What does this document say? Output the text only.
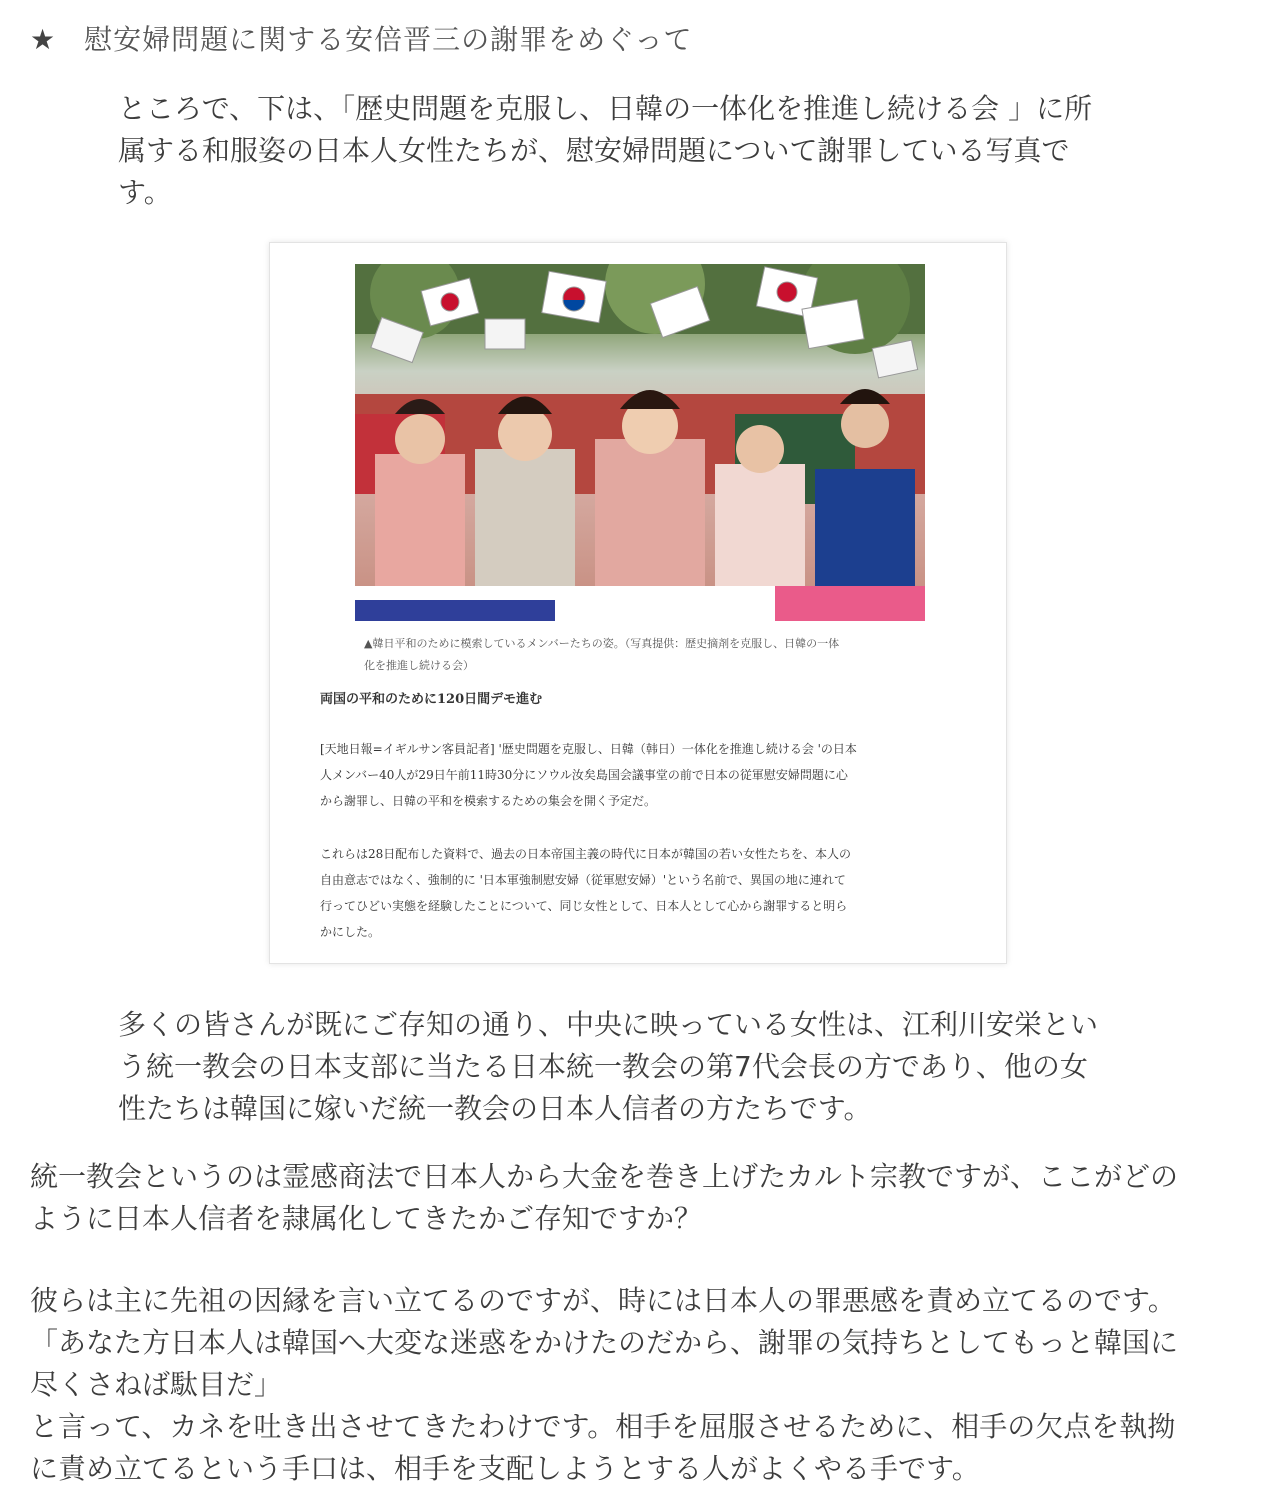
★ 慰安婦問題に関する安倍晋三の謝罪をめぐって
ところで、下は、「歴史問題を克服し、日韓の一体化を推進し続ける会 」に所
属する和服姿の日本人女性たちが、慰安婦問題について謝罪している写真で
す。
▲韓日平和のために模索しているメンバーたちの姿。（写真提供：歴史摘剤を克服し、日韓の一体
化を推進し続ける会）
両国の平和のために120日間デモ進む
[天地日報=イギルサン客員記者] '歴史問題を克服し、日韓（韩日）一体化を推進し続ける会 'の日本
人メンバー40人が29日午前11時30分にソウル汝矣島国会議事堂の前で日本の従軍慰安婦問題に心
から謝罪し、日韓の平和を模索するための集会を開く予定だ。
これらは28日配布した資料で、過去の日本帝国主義の時代に日本が韓国の若い女性たちを、本人の
自由意志ではなく、強制的に '日本軍強制慰安婦（従軍慰安婦）'という名前で、異国の地に連れて
行ってひどい実態を経験したことについて、同じ女性として、日本人として心から謝罪すると明ら
かにした。
多くの皆さんが既にご存知の通り、中央に映っている女性は、江利川安栄とい
う統一教会の日本支部に当たる日本統一教会の第7代会長の方であり、他の女
性たちは韓国に嫁いだ統一教会の日本人信者の方たちです。
統一教会というのは霊感商法で日本人から大金を巻き上げたカルト宗教ですが、ここがどの
ように日本人信者を隷属化してきたかご存知ですか？
彼らは主に先祖の因縁を言い立てるのですが、時には日本人の罪悪感を責め立てるのです。
「あなた方日本人は韓国へ大変な迷惑をかけたのだから、謝罪の気持ちとしてもっと韓国に
尽くさねば駄目だ」
と言って、カネを吐き出させてきたわけです。相手を屈服させるために、相手の欠点を執拗
に責め立てるという手口は、相手を支配しようとする人がよくやる手です。
